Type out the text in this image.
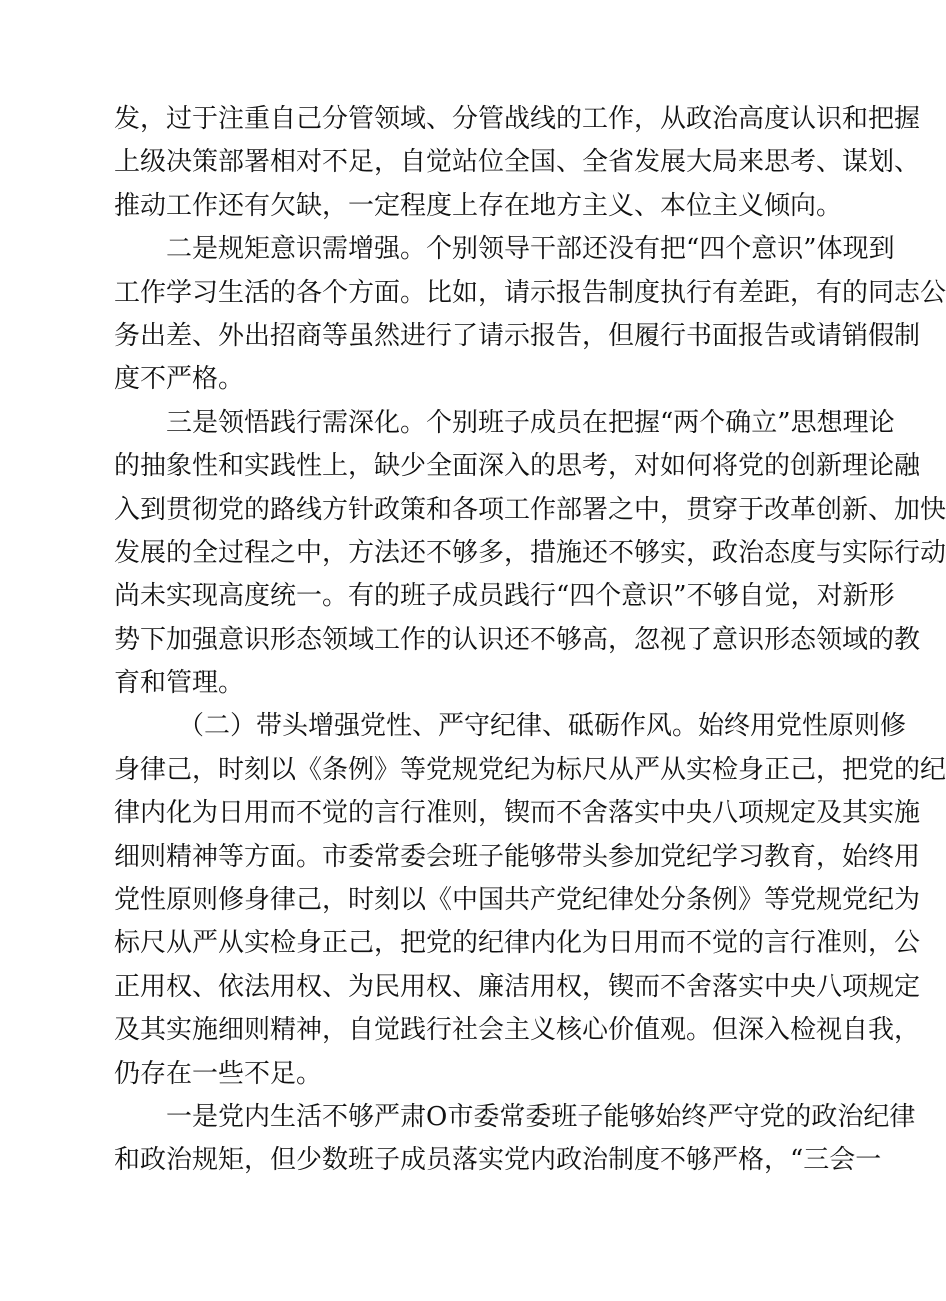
发，过于注重自己分管领域、分管战线的工作，从政治高度认识和把握
上级决策部署相对不足，自觉站位全国、全省发展大局来思考、谋划、
推动工作还有欠缺，一定程度上存在地方主义、本位主义倾向。
二是规矩意识需增强。个别领导干部还没有把“四个意识”体现到
工作学习生活的各个方面。比如，请示报告制度执行有差距，有的同志公
务出差、外出招商等虽然进行了请示报告，但履行书面报告或请销假制
度不严格。
三是领悟践行需深化。个别班子成员在把握“两个确立”思想理论
的抽象性和实践性上，缺少全面深入的思考，对如何将党的创新理论融
入到贯彻党的路线方针政策和各项工作部署之中，贯穿于改革创新、加快
发展的全过程之中，方法还不够多，措施还不够实，政治态度与实际行动
尚未实现高度统一。有的班子成员践行“四个意识”不够自觉，对新形
势下加强意识形态领域工作的认识还不够高，忽视了意识形态领域的教
育和管理。
（二）带头增强党性、严守纪律、砥砺作风。始终用党性原则修
身律己，时刻以《条例》等党规党纪为标尺从严从实检身正己，把党的纪
律内化为日用而不觉的言行准则，锲而不舍落实中央八项规定及其实施
细则精神等方面。市委常委会班子能够带头参加党纪学习教育，始终用
党性原则修身律己，时刻以《中国共产党纪律处分条例》等党规党纪为
标尺从严从实检身正己，把党的纪律内化为日用而不觉的言行准则，公
正用权、依法用权、为民用权、廉洁用权，锲而不舍落实中央八项规定
及其实施细则精神，自觉践行社会主义核心价值观。但深入检视自我，
仍存在一些不足。
一是党内生活不够严肃O市委常委班子能够始终严守党的政治纪律
和政治规矩，但少数班子成员落实党内政治制度不够严格，“三会一
